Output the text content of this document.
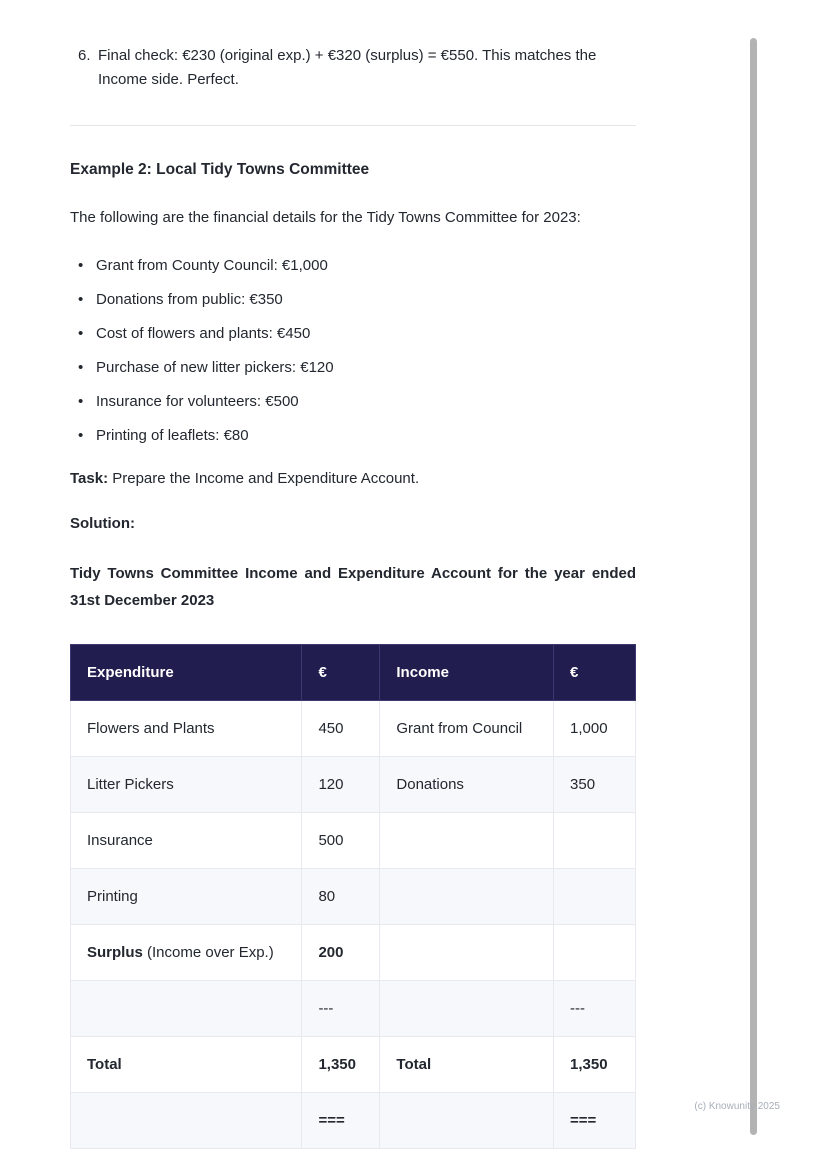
6. Final check: €230 (original exp.) + €320 (surplus) = €550. This matches the Income side. Perfect.
Example 2: Local Tidy Towns Committee

The following are the financial details for the Tidy Towns Committee for 2023:

• Grant from County Council: €1,000
• Donations from public: €350
• Cost of flowers and plants: €450
• Purchase of new litter pickers: €120
• Insurance for volunteers: €500
• Printing of leaflets: €80

Task: Prepare the Income and Expenditure Account.

Solution:

Tidy Towns Committee Income and Expenditure Account for the year ended 31st December 2023

Expenditure	€	Income	€
Flowers and Plants	450	Grant from Council	1,000
Litter Pickers	120	Donations	350
Insurance	500		
Printing	80		
Surplus (Income over Exp.)	200		
	---		---
Total	1,350	Total	1,350
	===		===
(c) Knowunity 2025
